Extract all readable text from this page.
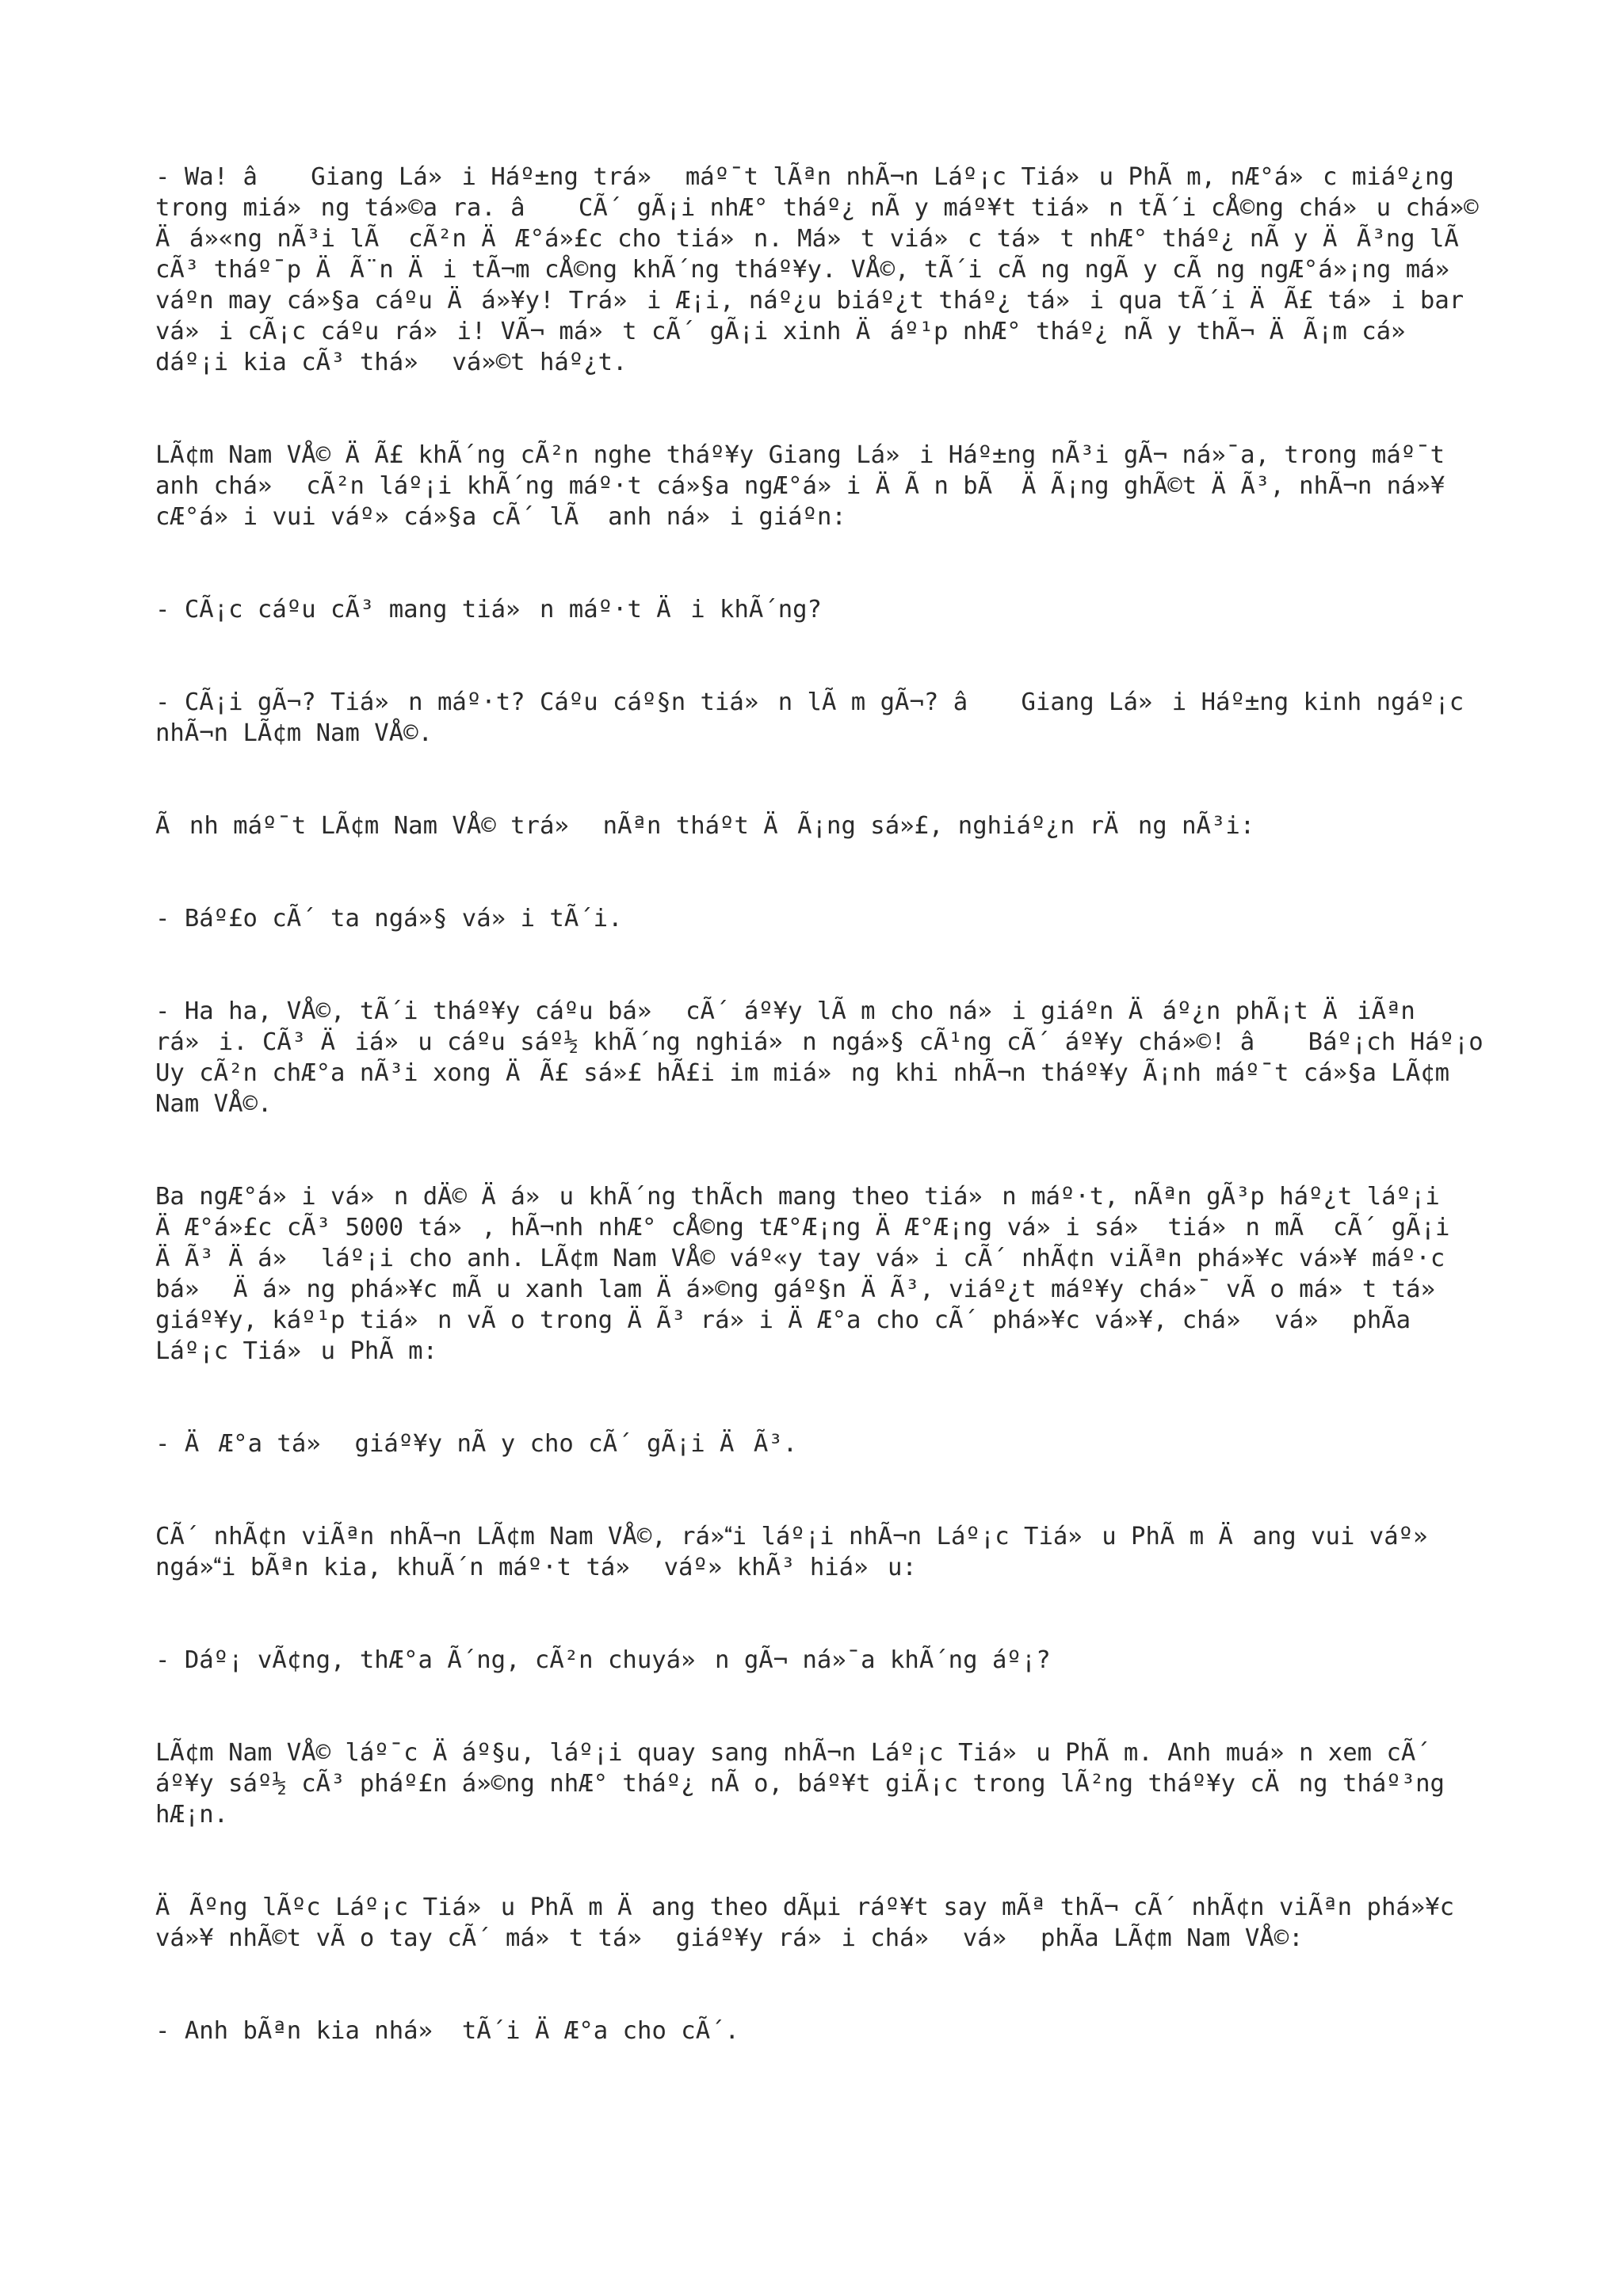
- Wa! â Giang Lá»i Háº±ng trá» máº¯t lÃªn nhÃ¬n Láº¡c Tiá»u PhÃ m, nÆ°á»c miáº¿ng trong miá»ng tá»©a ra. â CÃ´ gÃ¡i nhÆ° tháº¿ nÃ y máº¥t tiá»n tÃ´i cÅ©ng chá»u chá»© Äá»«ng nÃ³i lÃ  cÃ²n ÄÆ°á»£c cho tiá»n. Má»t viá»c tá»t nhÆ° tháº¿ nÃ y ÄÃ³ng lÃ  cÃ³ tháº¯p ÄÃ¨n Äi tÃ¬m cÅ©ng khÃ´ng tháº¥y. VÅ©, tÃ´i cÃ ng ngÃ y cÃ ng ngÆ°á»¡ng má» váºn may cá»§a cáºu Äá»¥y! Trá»i Æ¡i, náº¿u biáº¿t tháº¿ tá»i qua tÃ´i ÄÃ£ tá»i bar vá»i cÃ¡c cáºu rá»i! VÃ¬ má»t cÃ´ gÃ¡i xinh Äáº¹p nhÆ° tháº¿ nÃ y thÃ¬ ÄÃ¡m cá» dáº¡i kia cÃ³ thá» vá»©t háº¿t.

LÃ¢m Nam VÅ© ÄÃ£ khÃ´ng cÃ²n nghe tháº¥y Giang Lá»i Háº±ng nÃ³i gÃ¬ ná»¯a, trong máº¯t anh chá» cÃ²n láº¡i khÃ´ng máº·t cá»§a ngÆ°á»i ÄÃ n bÃ  ÄÃ¡ng ghÃ©t ÄÃ³, nhÃ¬n ná»¥ cÆ°á»i vui váº» cá»§a cÃ´ lÃ  anh ná»i giáºn:

- CÃ¡c cáºu cÃ³ mang tiá»n máº·t Äi khÃ´ng?

- CÃ¡i gÃ¬? Tiá»n máº·t? Cáºu cáº§n tiá»n lÃ m gÃ¬? â Giang Lá»i Háº±ng kinh ngáº¡c nhÃ¬n LÃ¢m Nam VÅ©.

Ãnh máº¯t LÃ¢m Nam VÅ© trá» nÃªn tháºt ÄÃ¡ng sá»£, nghiáº¿n rÄng nÃ³i:

- Báº£o cÃ´ ta ngá»§ vá»i tÃ´i.

- Ha ha, VÅ©, tÃ´i tháº¥y cáºu bá» cÃ´ áº¥y lÃ m cho ná»i giáºn Äáº¿n phÃ¡t ÄiÃªn rá»i. CÃ³ Äiá»u cáºu sáº½ khÃ´ng nghiá»n ngá»§ cÃ¹ng cÃ´ áº¥y chá»©! â Báº¡ch Háº¡o Uy cÃ²n chÆ°a nÃ³i xong ÄÃ£ sá»£ hÃ£i im miá»ng khi nhÃ¬n tháº¥y Ã¡nh máº¯t cá»§a LÃ¢m Nam VÅ©.

Ba ngÆ°á»i vá»n dÄ© Äá»u khÃ´ng thÃch mang theo tiá»n máº·t, nÃªn gÃ³p háº¿t láº¡i ÄÆ°á»£c cÃ³ 5000 tá», hÃ¬nh nhÆ° cÅ©ng tÆ°Æ¡ng ÄÆ°Æ¡ng vá»i sá» tiá»n mÃ  cÃ´ gÃ¡i ÄÃ³ Äá» láº¡i cho anh. LÃ¢m Nam VÅ© váº«y tay vá»i cÃ´ nhÃ¢n viÃªn phá»¥c vá»¥ máº·c bá» Äá»ng phá»¥c mÃ u xanh lam Äá»©ng gáº§n ÄÃ³, viáº¿t máº¥y chá»¯ vÃ o má»t tá» giáº¥y, káº¹p tiá»n vÃ o trong ÄÃ³ rá»i ÄÆ°a cho cÃ´ phá»¥c vá»¥, chá» vá» phÃa Láº¡c Tiá»u PhÃ m:

- ÄÆ°a tá» giáº¥y nÃ y cho cÃ´ gÃ¡i ÄÃ³.

CÃ´ nhÃ¢n viÃªn nhÃ¬n LÃ¢m Nam VÅ©, rá»i láº¡i nhÃ¬n Láº¡c Tiá»u PhÃ m Äang vui váº» ngá»i bÃªn kia, khuÃ´n máº·t tá» váº» khÃ³ hiá»u:

- Dáº¡ vÃ¢ng, thÆ°a Ã´ng, cÃ²n chuyá»n gÃ¬ ná»¯a khÃ´ng áº¡?

LÃ¢m Nam VÅ© láº¯c Äáº§u, láº¡i quay sang nhÃ¬n Láº¡c Tiá»u PhÃ m. Anh muá»n xem cÃ´ áº¥y sáº½ cÃ³ pháº£n á»©ng nhÆ° tháº¿ nÃ o, báº¥t giÃ¡c trong lÃ²ng tháº¥y cÄng tháº³ng hÆ¡n.

ÄÃºng lÃºc Láº¡c Tiá»u PhÃ m Äang theo dÃµi ráº¥t say mÃª thÃ¬ cÃ´ nhÃ¢n viÃªn phá»¥c vá»¥ nhÃ©t vÃ o tay cÃ´ má»t tá» giáº¥y rá»i chá» vá» phÃa LÃ¢m Nam VÅ©:

- Anh bÃªn kia nhá» tÃ´i ÄÆ°a cho cÃ´.
